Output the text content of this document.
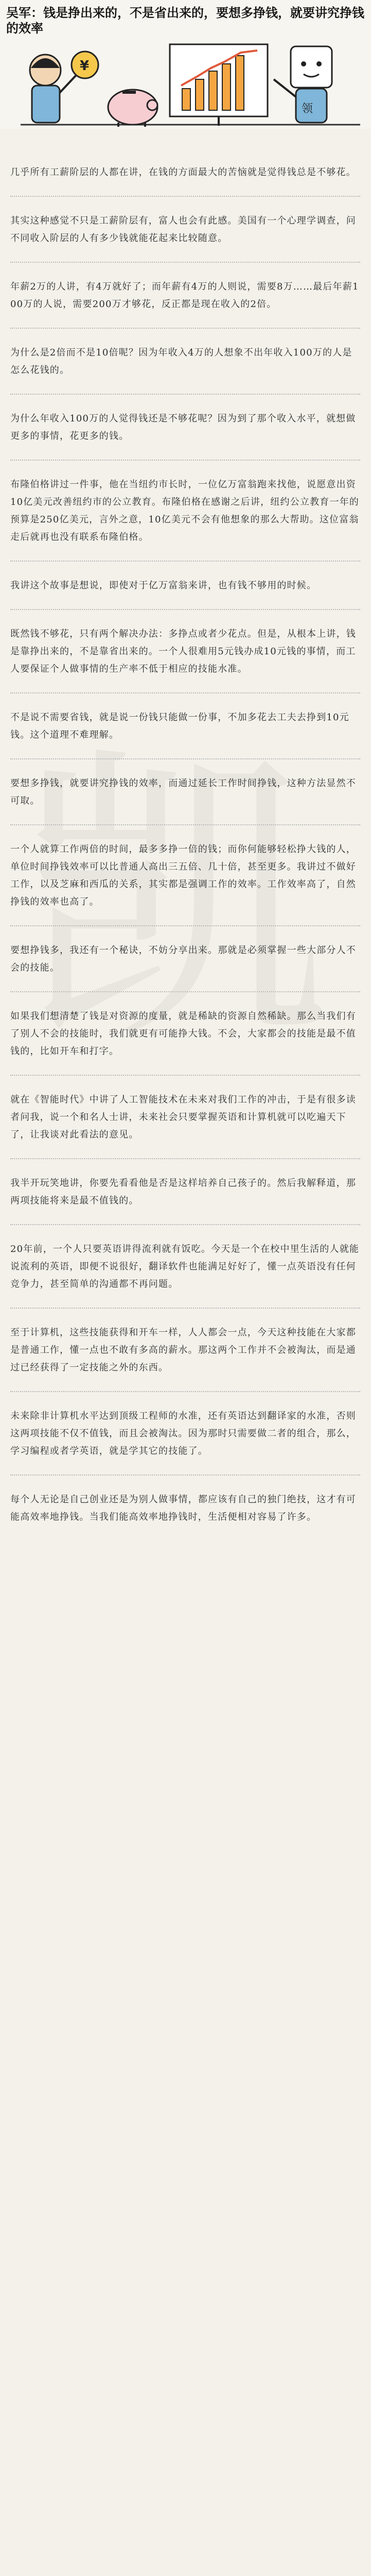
吴军：钱是挣出来的，不是省出来的，要想多挣钱，就要讲究挣钱的效率
¥
领

几乎所有工薪阶层的人都在讲，在钱的方面最大的苦恼就是觉得钱总是不够花。

其实这种感觉不只是工薪阶层有，富人也会有此感。美国有一个心理学调查，问不同收入阶层的人有多少钱就能花起来比较随意。

年薪2万的人讲，有4万就好了；而年薪有4万的人则说，需要8万……最后年薪100万的人说，需要200万才够花，反正都是现在收入的2倍。

为什么是2倍而不是10倍呢？因为年收入4万的人想象不出年收入100万的人是怎么花钱的。

为什么年收入100万的人觉得钱还是不够花呢？因为到了那个收入水平，就想做更多的事情，花更多的钱。

布隆伯格讲过一件事，他在当纽约市长时，一位亿万富翁跑来找他，说愿意出资10亿美元改善纽约市的公立教育。布隆伯格在感谢之后讲，纽约公立教育一年的预算是250亿美元，言外之意，10亿美元不会有他想象的那么大帮助。这位富翁走后就再也没有联系布隆伯格。

我讲这个故事是想说，即使对于亿万富翁来讲，也有钱不够用的时候。

既然钱不够花，只有两个解决办法：多挣点或者少花点。但是，从根本上讲，钱是靠挣出来的，不是靠省出来的。一个人很难用5元钱办成10元钱的事情，而工人要保证个人做事情的生产率不低于相应的技能水准。

不是说不需要省钱，就是说一份钱只能做一份事，不加多花去工夫去挣到10元钱。这个道理不难理解。

要想多挣钱，就要讲究挣钱的效率，而通过延长工作时间挣钱，这种方法显然不可取。

一个人就算工作两倍的时间，最多多挣一倍的钱；而你何能够轻松挣大钱的人，单位时间挣钱效率可以比普通人高出三五倍、几十倍，甚至更多。我讲过不做好工作，以及芝麻和西瓜的关系，其实都是强调工作的效率。工作效率高了，自然挣钱的效率也高了。

要想挣钱多，我还有一个秘诀，不妨分享出来。那就是必须掌握一些大部分人不会的技能。

如果我们想清楚了钱是对资源的度量，就是稀缺的资源自然稀缺。那么当我们有了别人不会的技能时，我们就更有可能挣大钱。不会，大家都会的技能是最不值钱的，比如开车和打字。

就在《智能时代》中讲了人工智能技术在未来对我们工作的冲击，于是有很多读者问我，说一个和名人士讲，未来社会只要掌握英语和计算机就可以吃遍天下了，让我谈对此看法的意见。

我半开玩笑地讲，你要先看看他是否是这样培养自己孩子的。然后我解释道，那两项技能将来是最不值钱的。

20年前，一个人只要英语讲得流利就有饭吃。今天是一个在校中里生活的人就能说流利的英语，即便不说很好，翻译软件也能满足好好了，懂一点英语没有任何竞争力，甚至简单的沟通都不再问题。

至于计算机，这些技能获得和开车一样，人人都会一点，今天这种技能在大家都是普通工作，懂一点也不敢有多高的薪水。那这两个工作并不会被淘汰，而是通过已经获得了一定技能之外的东西。

未来除非计算机水平达到顶级工程师的水准，还有英语达到翻译家的水准，否则这两项技能不仅不值钱，而且会被淘汰。因为那时只需要做二者的组合，那么，学习编程或者学英语，就是学其它的技能了。

每个人无论是自己创业还是为别人做事情，都应该有自己的独门绝技，这才有可能高效率地挣钱。当我们能高效率地挣钱时，生活便相对容易了许多。
